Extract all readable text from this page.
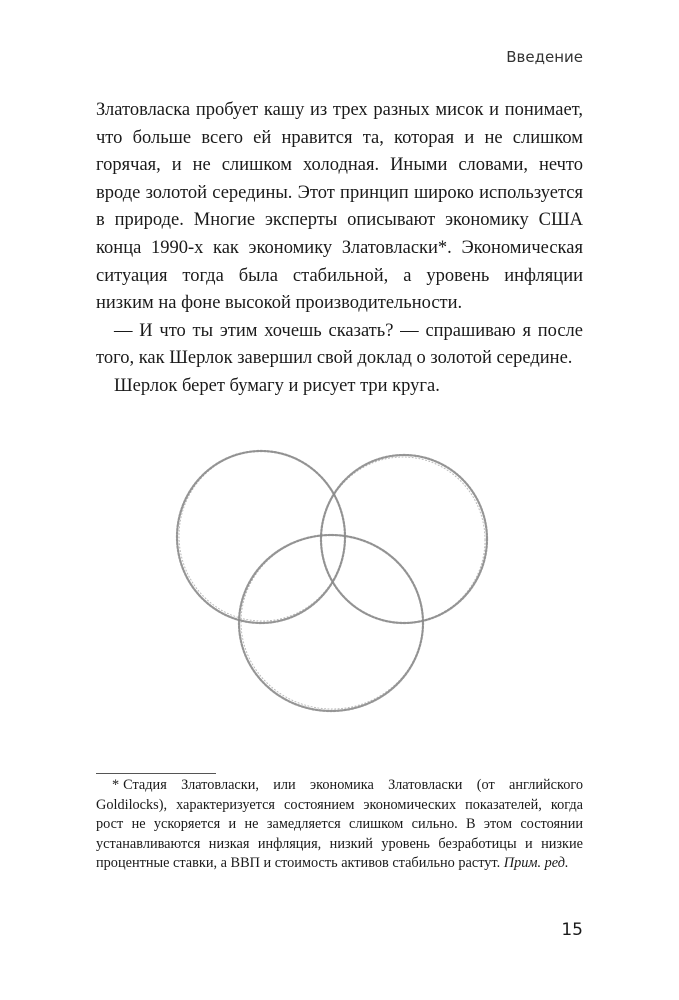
Введение

Златовласка пробует кашу из трех разных мисок и понимает, что больше всего ей нравится та, которая и не слишком горячая, и не слишком холодная. Иными словами, нечто вроде золотой середины. Этот принцип широко используется в природе. Многие эксперты описывают экономику США конца 1990-х как экономику Златовласки*. Экономическая ситуация тогда была стабильной, а уровень инфляции низким на фоне высокой производительности.

— И что ты этим хочешь сказать? — спрашиваю я после того, как Шерлок завершил свой доклад о золотой середине.

Шерлок берет бумагу и рисует три круга.

* Стадия Златовласки, или экономика Златовласки (от английского Goldilocks), характеризуется состоянием экономических показателей, когда рост не ускоряется и не замедляется слишком сильно. В этом состоянии устанавливаются низкая инфляция, низкий уровень безработицы и низкие процентные ставки, а ВВП и стоимость активов стабильно растут. Прим. ред.
15
